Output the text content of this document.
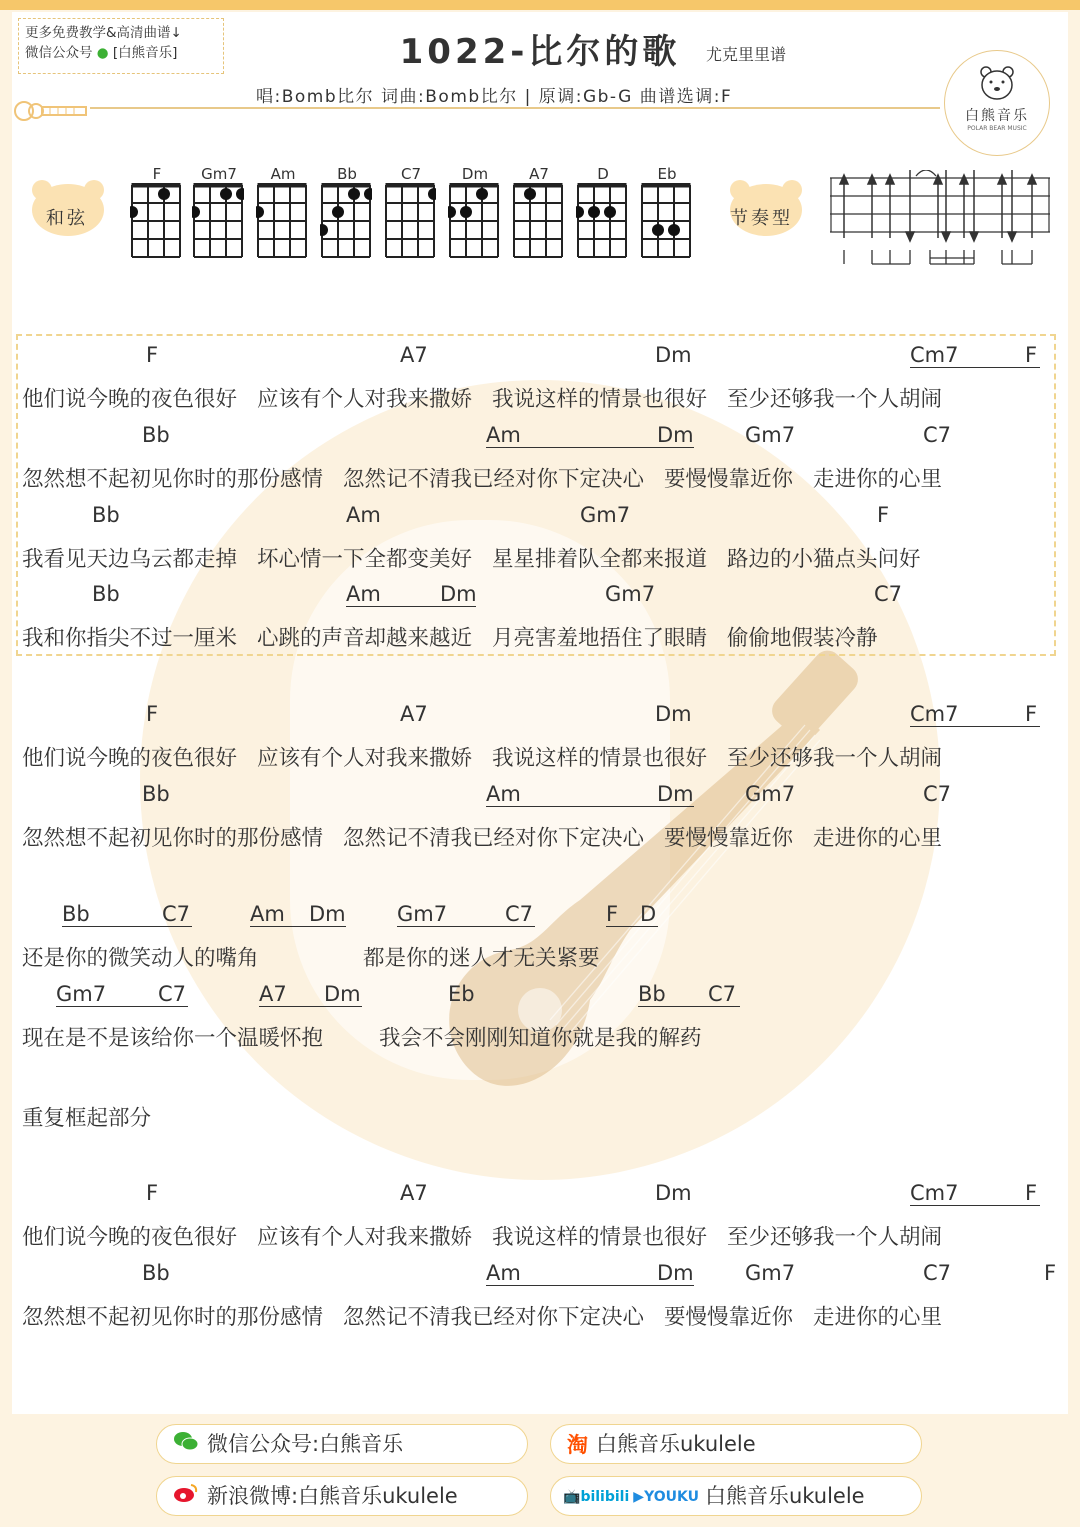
更多免费教学&高清曲谱↓
微信公众号 ● [白熊音乐]	1022-比尔的歌	尤克里里谱
唱:Bomb比尔 词曲:Bomb比尔 | 原调:Gb-G 曲谱选调:F
白熊音乐
POLAR BEAR MUSIC
和弦	节奏型
F	Gm7	Am	Bb	C7	Dm	A7	D	Eb
F	A7	Dm	Cm7	F
他们说今晚的夜色很好 应该有个人对我来撒娇 我说这样的情景也很好 至少还够我一个人胡闹
Bb	Am	Dm Gm7	C7
忽然想不起初见你时的那份感情 忽然记不清我已经对你下定决心 要慢慢靠近你 走进你的心里
Bb	Am	Gm7	F
我看见天边乌云都走掉 坏心情一下全都变美好 星星排着队全都来报道 路边的小猫点头问好
Bb	Am	Dm	Gm7	C7
我和你指尖不过一厘米 心跳的声音却越来越近 月亮害羞地捂住了眼睛 偷偷地假装冷静
F	A7	Dm	Cm7	F
他们说今晚的夜色很好 应该有个人对我来撒娇 我说这样的情景也很好 至少还够我一个人胡闹
Bb	Am	Dm Gm7	C7
忽然想不起初见你时的那份感情 忽然记不清我已经对你下定决心 要慢慢靠近你 走进你的心里
Bb	C7	Am	Dm Gm7	C7	F	D
还是你的微笑动人的嘴角	都是你的迷人才无关紧要
Gm7	C7	A7	Dm	Eb	Bb	C7
现在是不是该给你一个温暖怀抱	我会不会刚刚知道你就是我的解药
重复框起部分
F	A7	Dm	Cm7	F
他们说今晚的夜色很好 应该有个人对我来撒娇 我说这样的情景也很好 至少还够我一个人胡闹
Bb	Am	Dm Gm7	C7	F
忽然想不起初见你时的那份感情 忽然记不清我已经对你下定决心 要慢慢靠近你 走进你的心里
微信公众号:白熊音乐	淘 白熊音乐ukulele
新浪微博:白熊音乐ukulele	📺bilibili ▶YOUKU 白熊音乐ukulele
